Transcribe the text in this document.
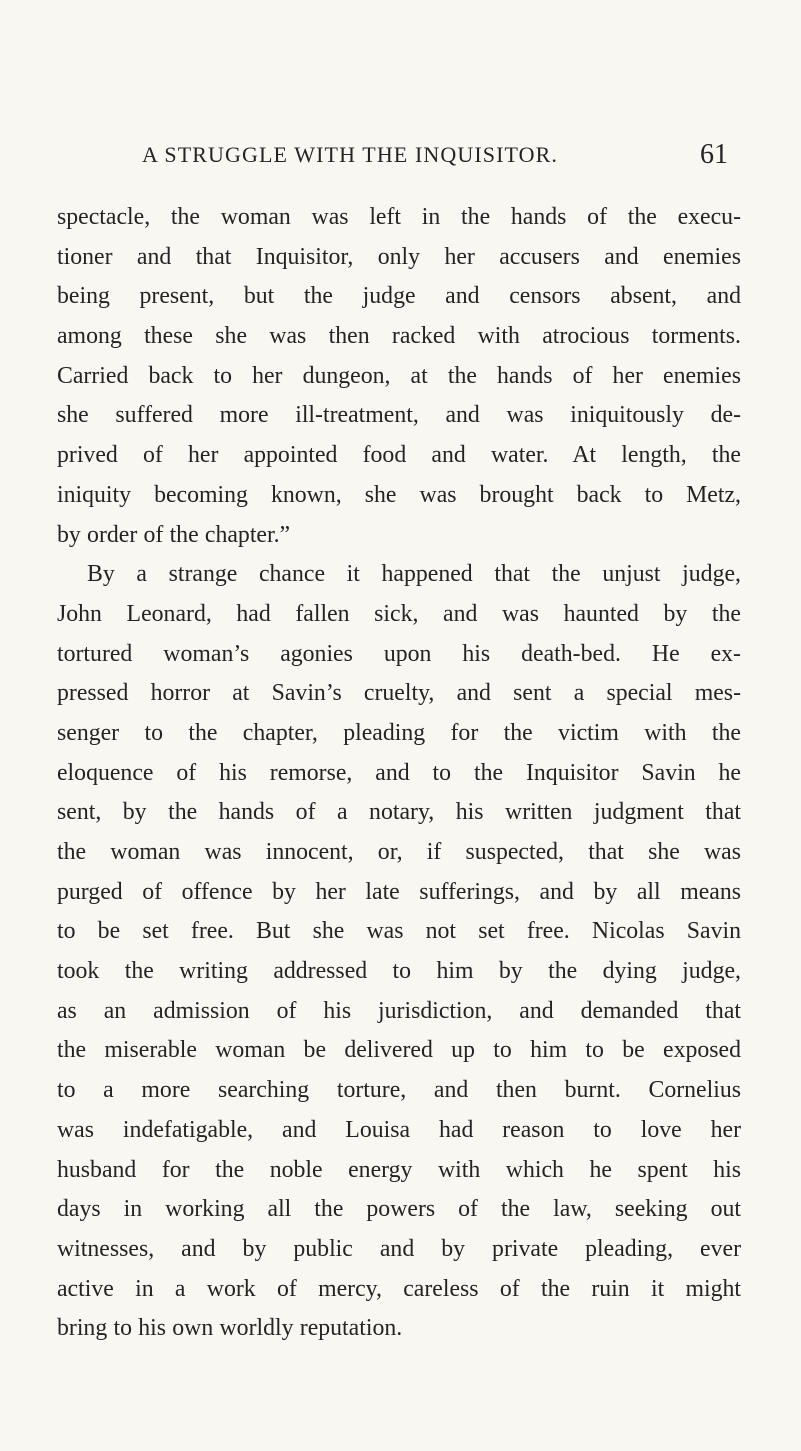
A STRUGGLE WITH THE INQUISITOR.	61
spectacle, the woman was left in the hands of the execu-
tioner and that Inquisitor, only her accusers and enemies
being present, but the judge and censors absent, and
among these she was then racked with atrocious torments.
Carried back to her dungeon, at the hands of her enemies
she suffered more ill-treatment, and was iniquitously de-
prived of her appointed food and water. At length, the
iniquity becoming known, she was brought back to Metz,
by order of the chapter.”
By a strange chance it happened that the unjust judge,
John Leonard, had fallen sick, and was haunted by the
tortured woman’s agonies upon his death-bed. He ex-
pressed horror at Savin’s cruelty, and sent a special mes-
senger to the chapter, pleading for the victim with the
eloquence of his remorse, and to the Inquisitor Savin he
sent, by the hands of a notary, his written judgment that
the woman was innocent, or, if suspected, that she was
purged of offence by her late sufferings, and by all means
to be set free. But she was not set free. Nicolas Savin
took the writing addressed to him by the dying judge,
as an admission of his jurisdiction, and demanded that
the miserable woman be delivered up to him to be exposed
to a more searching torture, and then burnt. Cornelius
was indefatigable, and Louisa had reason to love her
husband for the noble energy with which he spent his
days in working all the powers of the law, seeking out
witnesses, and by public and by private pleading, ever
active in a work of mercy, careless of the ruin it might
bring to his own worldly reputation.
